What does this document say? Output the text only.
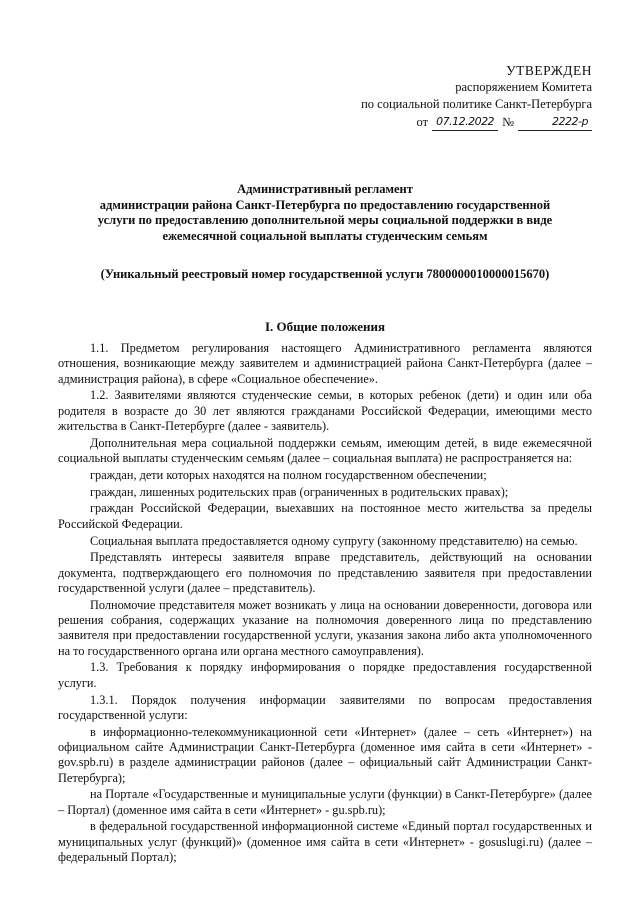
УТВЕРЖДЕН
распоряжением Комитета
по социальной политике Санкт-Петербурга
от 07.12.2022 №	2222-р
Административный регламент
администрации района Санкт-Петербурга по предоставлению государственной
услуги по предоставлению дополнительной меры социальной поддержки в виде
ежемесячной социальной выплаты студенческим семьям
(Уникальный реестровый номер государственной услуги 7800000010000015670)
I. Общие положения

1.1. Предметом регулирования настоящего Административного регламента являются отношения, возникающие между заявителем и администрацией района Санкт-Петербурга (далее – администрация района), в сфере «Социальное обеспечение».

1.2. Заявителями являются студенческие семьи, в которых ребенок (дети) и один или оба родителя в возрасте до 30 лет являются гражданами Российской Федерации, имеющими место жительства в Санкт-Петербурге (далее - заявитель).

Дополнительная мера социальной поддержки семьям, имеющим детей, в виде ежемесячной социальной выплаты студенческим семьям (далее – социальная выплата) не распространяется на:

граждан, дети которых находятся на полном государственном обеспечении;

граждан, лишенных родительских прав (ограниченных в родительских правах);

граждан Российской Федерации, выехавших на постоянное место жительства за пределы Российской Федерации.

Социальная выплата предоставляется одному супругу (законному представителю) на семью.

Представлять интересы заявителя вправе представитель, действующий на основании документа, подтверждающего его полномочия по представлению заявителя при предоставлении государственной услуги (далее – представитель).

Полномочие представителя может возникать у лица на основании доверенности, договора или решения собрания, содержащих указание на полномочия доверенного лица по представлению заявителя при предоставлении государственной услуги, указания закона либо акта уполномоченного на то государственного органа или органа местного самоуправления).

1.3. Требования к порядку информирования о порядке предоставления государственной услуги.

1.3.1. Порядок получения информации заявителями по вопросам предоставления государственной услуги:

в информационно-телекоммуникационной сети «Интернет» (далее – сеть «Интернет») на официальном сайте Администрации Санкт-Петербурга (доменное имя сайта в сети «Интернет» - gov.spb.ru) в разделе администрации районов (далее – официальный сайт Администрации Санкт-Петербурга);

на Портале «Государственные и муниципальные услуги (функции) в Санкт-Петербурге» (далее – Портал) (доменное имя сайта в сети «Интернет» - gu.spb.ru);

в федеральной государственной информационной системе «Единый портал государственных и муниципальных услуг (функций)» (доменное имя сайта в сети «Интернет» - gosuslugi.ru) (далее – федеральный Портал);
